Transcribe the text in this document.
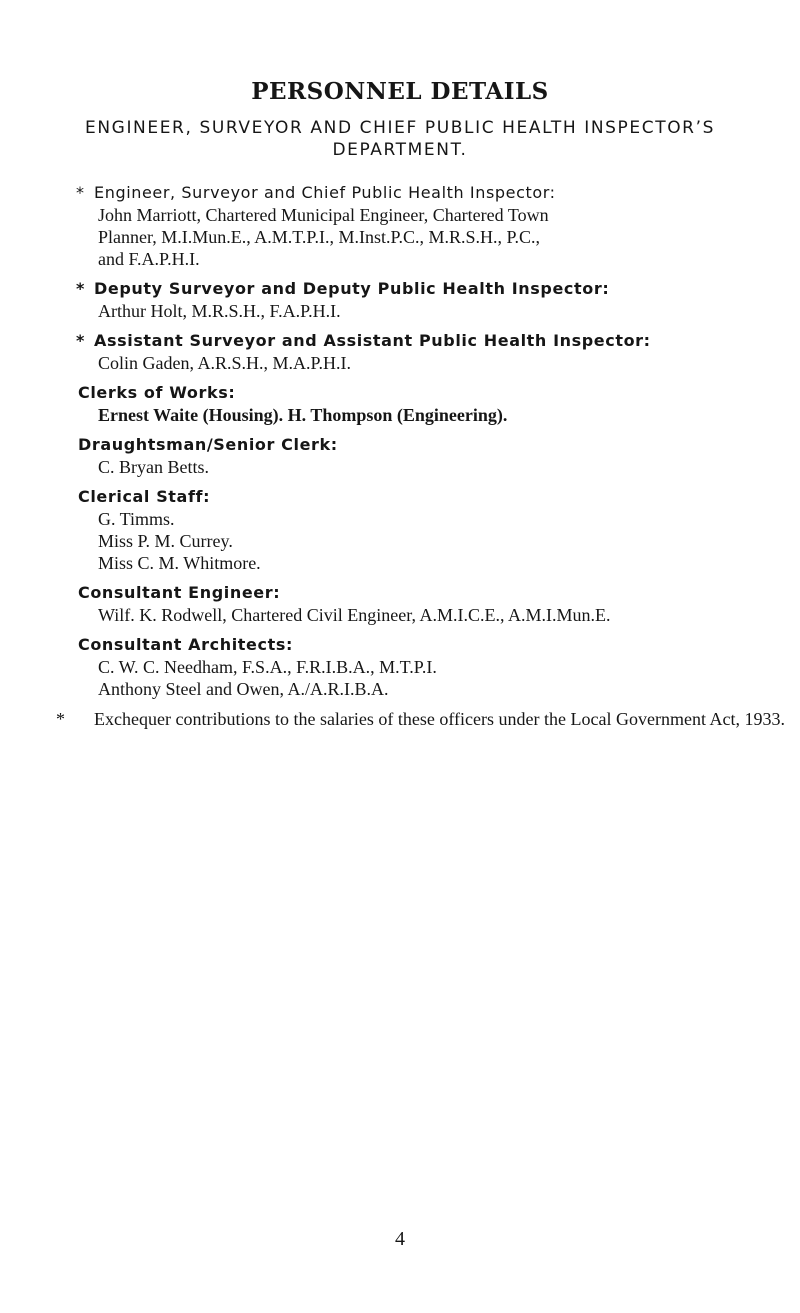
PERSONNEL DETAILS
ENGINEER, SURVEYOR AND CHIEF PUBLIC HEALTH INSPECTOR’S DEPARTMENT.
* Engineer, Surveyor and Chief Public Health Inspector:
John Marriott, Chartered Municipal Engineer, Chartered Town
Planner, M.I.Mun.E., A.M.T.P.I., M.Inst.P.C., M.R.S.H., P.C.,
and F.A.P.H.I.
* Deputy Surveyor and Deputy Public Health Inspector:
Arthur Holt, M.R.S.H., F.A.P.H.I.
* Assistant Surveyor and Assistant Public Health Inspector:
Colin Gaden, A.R.S.H., M.A.P.H.I.
Clerks of Works:
Ernest Waite (Housing). H. Thompson (Engineering).
Draughtsman/Senior Clerk:
C. Bryan Betts.
Clerical Staff:
G. Timms.
Miss P. M. Currey.
Miss C. M. Whitmore.
Consultant Engineer:
Wilf. K. Rodwell, Chartered Civil Engineer, A.M.I.C.E., A.M.I.Mun.E.
Consultant Architects:
C. W. C. Needham, F.S.A., F.R.I.B.A., M.T.P.I.
Anthony Steel and Owen, A./A.R.I.B.A.
* Exchequer contributions to the salaries of these officers under the Local Government Act, 1933.
4
